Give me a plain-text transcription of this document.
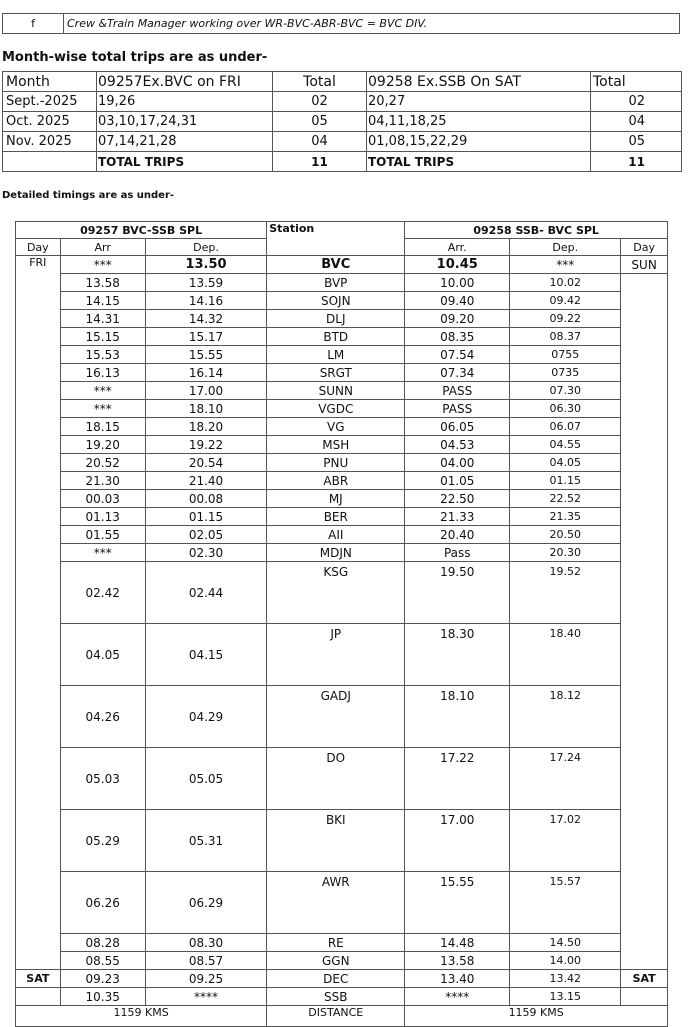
f	Crew &Train Manager working over WR-BVC-ABR-BVC = BVC DIV.
Month-wise total trips are as under-
Month	09257Ex.BVC on FRI	Total	09258 Ex.SSB On SAT	Total
Sept.-2025	19,26	02	20,27	02
Oct. 2025	03,10,17,24,31	05	04,11,18,25	04
Nov. 2025	07,14,21,28	04	01,08,15,22,29	05
	TOTAL TRIPS	11	TOTAL TRIPS	11
Detailed timings are as under-
09257 BVC-SSB SPL			Station	09258 SSB- BVC SPL		
Day	Arr	Dep.		Arr.	Dep.	Day
FRI	***	13.50	BVC	10.45	***	SUN
	13.58	13.59	BVP	10.00	10.02	
	14.15	14.16	SOJN	09.40	09.42	
	14.31	14.32	DLJ	09.20	09.22	
	15.15	15.17	BTD	08.35	08.37	
	15.53	15.55	LM	07.54	0755	
	16.13	16.14	SRGT	07.34	0735	
	***	17.00	SUNN	PASS	07.30	
	***	18.10	VGDC	PASS	06.30	
	18.15	18.20	VG	06.05	06.07	
	19.20	19.22	MSH	04.53	04.55	
	20.52	20.54	PNU	04.00	04.05	
	21.30	21.40	ABR	01.05	01.15	
	00.03	00.08	MJ	22.50	22.52	
	01.13	01.15	BER	21.33	21.35	
	01.55	02.05	AII	20.40	20.50	
	***	02.30	MDJN	Pass	20.30	
	02.42	02.44	KSG	19.50	19.52	
	04.05	04.15	JP	18.30	18.40	
	04.26	04.29	GADJ	18.10	18.12	
	05.03	05.05	DO	17.22	17.24	
	05.29	05.31	BKI	17.00	17.02	
	06.26	06.29	AWR	15.55	15.57	
	08.28	08.30	RE	14.48	14.50	
	08.55	08.57	GGN	13.58	14.00	
SAT	09.23	09.25	DEC	13.40	13.42	SAT
	10.35	****	SSB	****	13.15	
1159 KMS			DISTANCE	1159 KMS		
